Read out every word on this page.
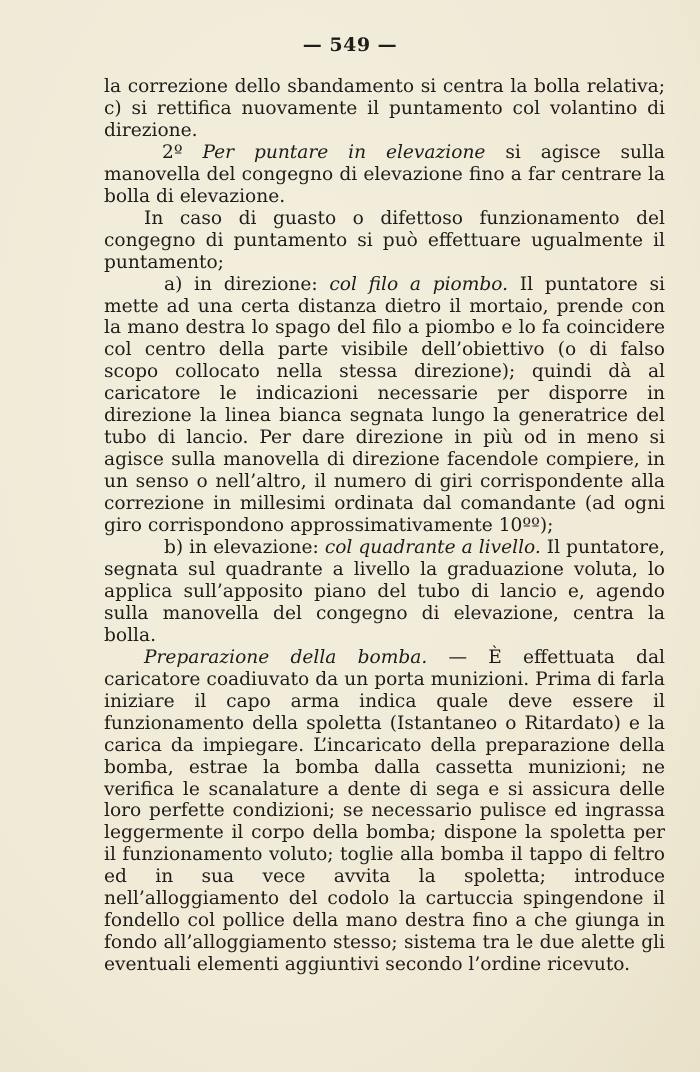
— 549 —

la correzione dello sbandamento si centra la bolla relativa; c) si rettifica nuovamente il puntamento col volantino di direzione.

2º Per puntare in elevazione si agisce sulla manovella del congegno di elevazione fino a far centrare la bolla di elevazione.

In caso di guasto o difettoso funzionamento del congegno di puntamento si può effettuare ugualmente il puntamento;

a) in direzione: col filo a piombo. Il puntatore si mette ad una certa distanza dietro il mortaio, prende con la mano destra lo spago del filo a piombo e lo fa coincidere col centro della parte visibile dell’obiettivo (o di falso scopo collocato nella stessa direzione); quindi dà al caricatore le indicazioni necessarie per disporre in direzione la linea bianca segnata lungo la generatrice del tubo di lancio. Per dare direzione in più od in meno si agisce sulla manovella di direzione facendole compiere, in un senso o nell’altro, il numero di giri corrispondente alla correzione in millesimi ordinata dal comandante (ad ogni giro corrispondono approssimativamente 10ºº);

b) in elevazione: col quadrante a livello. Il puntatore, segnata sul quadrante a livello la graduazione voluta, lo applica sull’apposito piano del tubo di lancio e, agendo sulla manovella del congegno di elevazione, centra la bolla.

Preparazione della bomba. — È effettuata dal caricatore coadiuvato da un porta munizioni. Prima di farla iniziare il capo arma indica quale deve essere il funzionamento della spoletta (Istantaneo o Ritardato) e la carica da impiegare. L’incaricato della preparazione della bomba, estrae la bomba dalla cassetta munizioni; ne verifica le scanalature a dente di sega e si assicura delle loro perfette condizioni; se necessario pulisce ed ingrassa leggermente il corpo della bomba; dispone la spoletta per il funzionamento voluto; toglie alla bomba il tappo di feltro ed in sua vece avvita la spoletta; introduce nell’alloggiamento del codolo la cartuccia spingendone il fondello col pollice della mano destra fino a che giunga in fondo all’alloggiamento stesso; sistema tra le due alette gli eventuali elementi aggiuntivi secondo l’ordine ricevuto.
